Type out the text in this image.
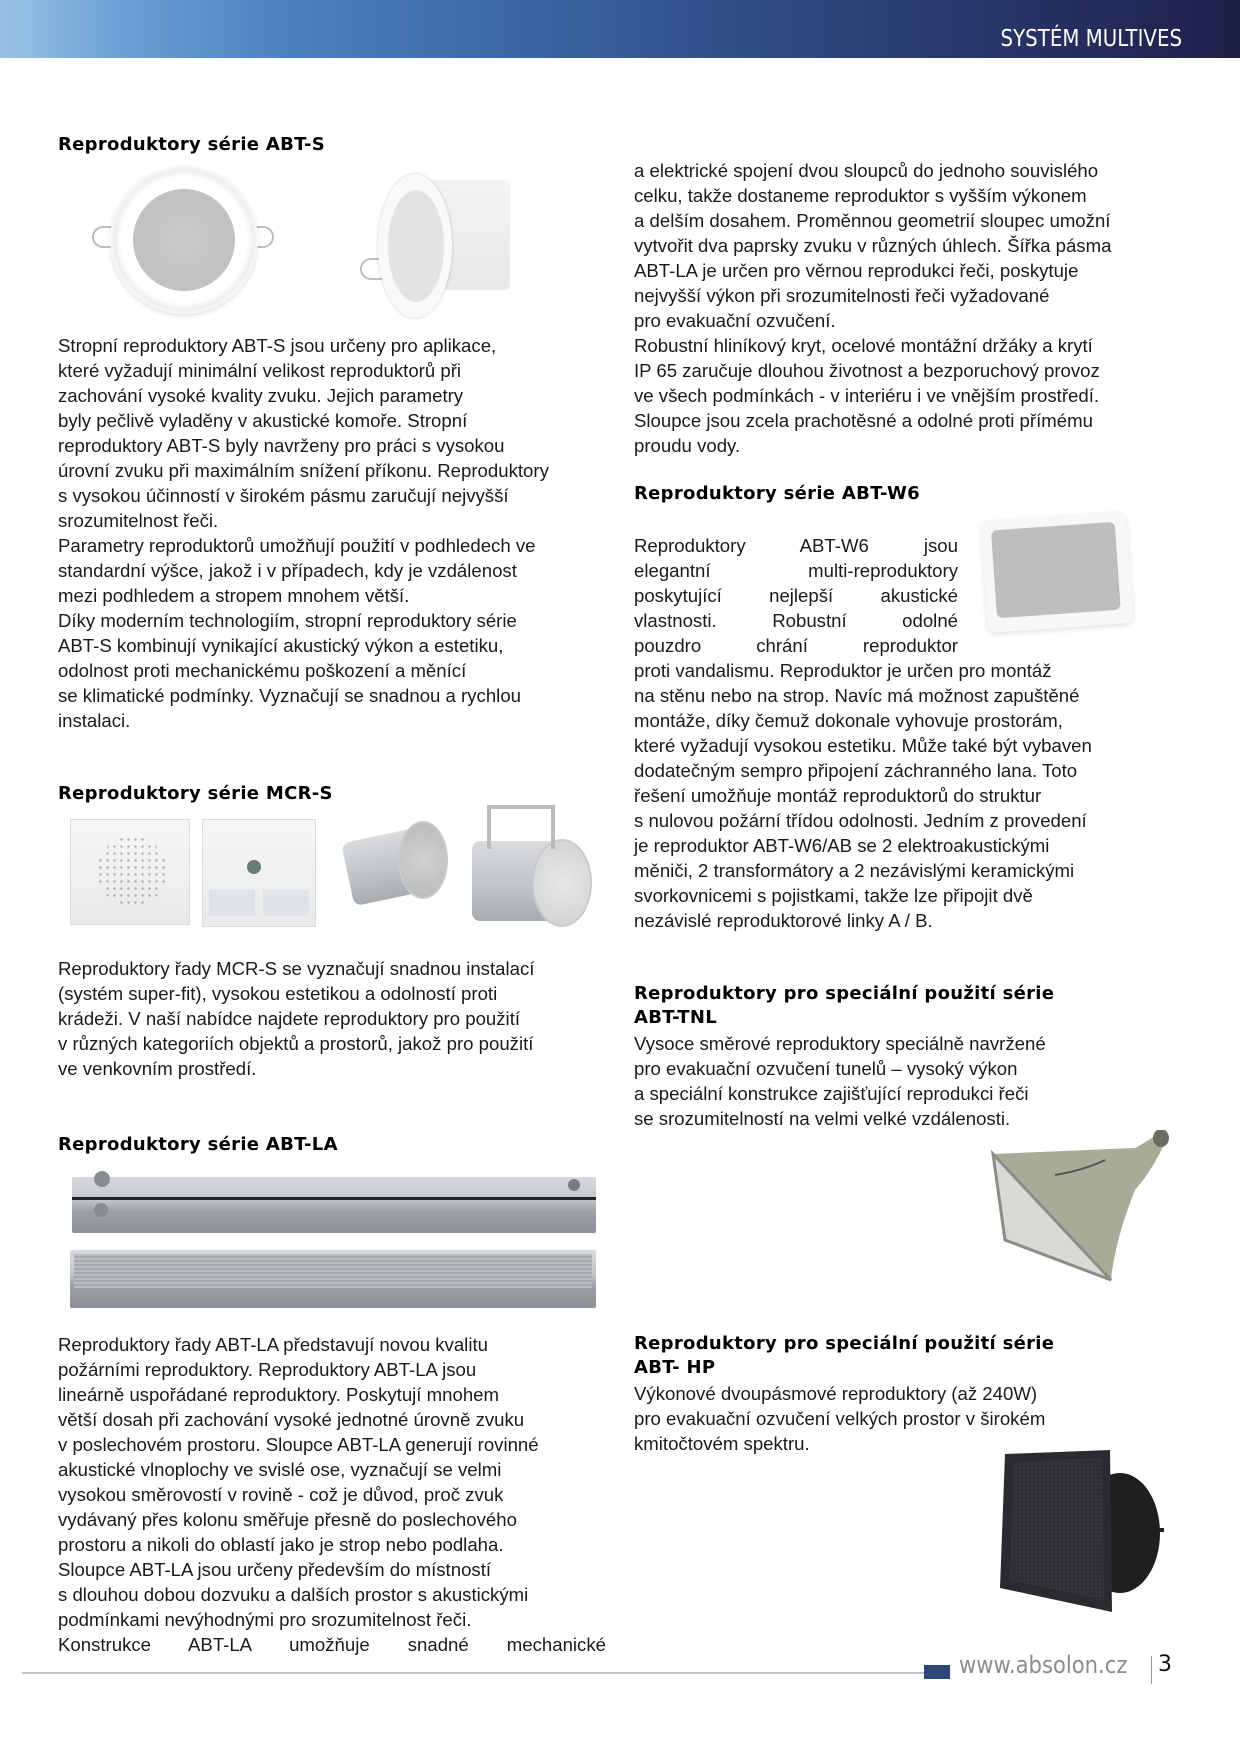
SYSTÉM MULTIVES
Reproduktory série ABT-S
Stropní reproduktory ABT-S jsou určeny pro aplikace,
které vyžadují minimální velikost reproduktorů při
zachování vysoké kvality zvuku. Jejich parametry
byly pečlivě vyladěny v akustické komoře. Stropní
reproduktory ABT-S byly navrženy pro práci s vysokou
úrovní zvuku při maximálním snížení příkonu. Reproduktory
s vysokou účinností v širokém pásmu zaručují nejvyšší
srozumitelnost řeči.
Parametry reproduktorů umožňují použití v podhledech ve
standardní výšce, jakož i v případech, kdy je vzdálenost
mezi podhledem a stropem mnohem větší.
Díky moderním technologiím, stropní reproduktory série
ABT-S kombinují vynikající akustický výkon a estetiku,
odolnost proti mechanickému poškození a měnící
se klimatické podmínky. Vyznačují se snadnou a rychlou
instalaci.
Reproduktory série MCR-S
Reproduktory řady MCR-S se vyznačují snadnou instalací
(systém super-fit), vysokou estetikou a odolností proti
krádeži. V naší nabídce najdete reproduktory pro použití
v různých kategoriích objektů a prostorů, jakož pro použití
ve venkovním prostředí.
Reproduktory série ABT-LA
Reproduktory řady ABT-LA představují novou kvalitu
požárními reproduktory. Reproduktory ABT-LA jsou
lineárně uspořádané reproduktory. Poskytují mnohem
větší dosah při zachování vysoké jednotné úrovně zvuku
v poslechovém prostoru. Sloupce ABT-LA generují rovinné
akustické vlnoplochy ve svislé ose, vyznačují se velmi
vysokou směrovostí v rovině - což je důvod, proč zvuk
vydávaný přes kolonu směřuje přesně do poslechového
prostoru a nikoli do oblastí jako je strop nebo podlaha.
Sloupce ABT-LA jsou určeny především do místností
s dlouhou dobou dozvuku a dalších prostor s akustickými
podmínkami nevýhodnými pro srozumitelnost řeči.
Konstrukce ABT-LA umožňuje snadné mechanické
a elektrické spojení dvou sloupců do jednoho souvislého
celku, takže dostaneme reproduktor s vyšším výkonem
a delším dosahem. Proměnnou geometrií sloupec umožní
vytvořit dva paprsky zvuku v různých úhlech. Šířka pásma
ABT-LA je určen pro věrnou reprodukci řeči, poskytuje
nejvyšší výkon při srozumitelnosti řeči vyžadované
pro evakuační ozvučení.
Robustní hliníkový kryt, ocelové montážní držáky a krytí
IP 65 zaručuje dlouhou životnost a bezporuchový provoz
ve všech podmínkách - v interiéru i ve vnějším prostředí.
Sloupce jsou zcela prachotěsné a odolné proti přímému
proudu vody.
Reproduktory série ABT-W6
Reproduktory ABT-W6 jsou
elegantní multi-reproduktory
poskytující nejlepší akustické
vlastnosti. Robustní odolné
pouzdro chrání reproduktor
proti vandalismu. Reproduktor je určen pro montáž
na stěnu nebo na strop. Navíc má možnost zapuštěné
montáže, díky čemuž dokonale vyhovuje prostorám,
které vyžadují vysokou estetiku. Může také být vybaven
dodatečným sempro připojení záchranného lana. Toto
řešení umožňuje montáž reproduktorů do struktur
s nulovou požární třídou odolnosti. Jedním z provedení
je reproduktor ABT-W6/AB se 2 elektroakustickými
měniči, 2 transformátory a 2 nezávislými keramickými
svorkovnicemi s pojistkami, takže lze připojit dvě
nezávislé reproduktorové linky A / B.
Reproduktory pro speciální použití série
ABT-TNL
Vysoce směrové reproduktory speciálně navržené
pro evakuační ozvučení tunelů – vysoký výkon
a speciální konstrukce zajišťující reprodukci řeči
se srozumitelností na velmi velké vzdálenosti.
Reproduktory pro speciální použití série
ABT- HP
Výkonové dvoupásmové reproduktory (až 240W)
pro evakuační ozvučení velkých prostor v širokém
kmitočtovém spektru.
www.absolon.cz 3
